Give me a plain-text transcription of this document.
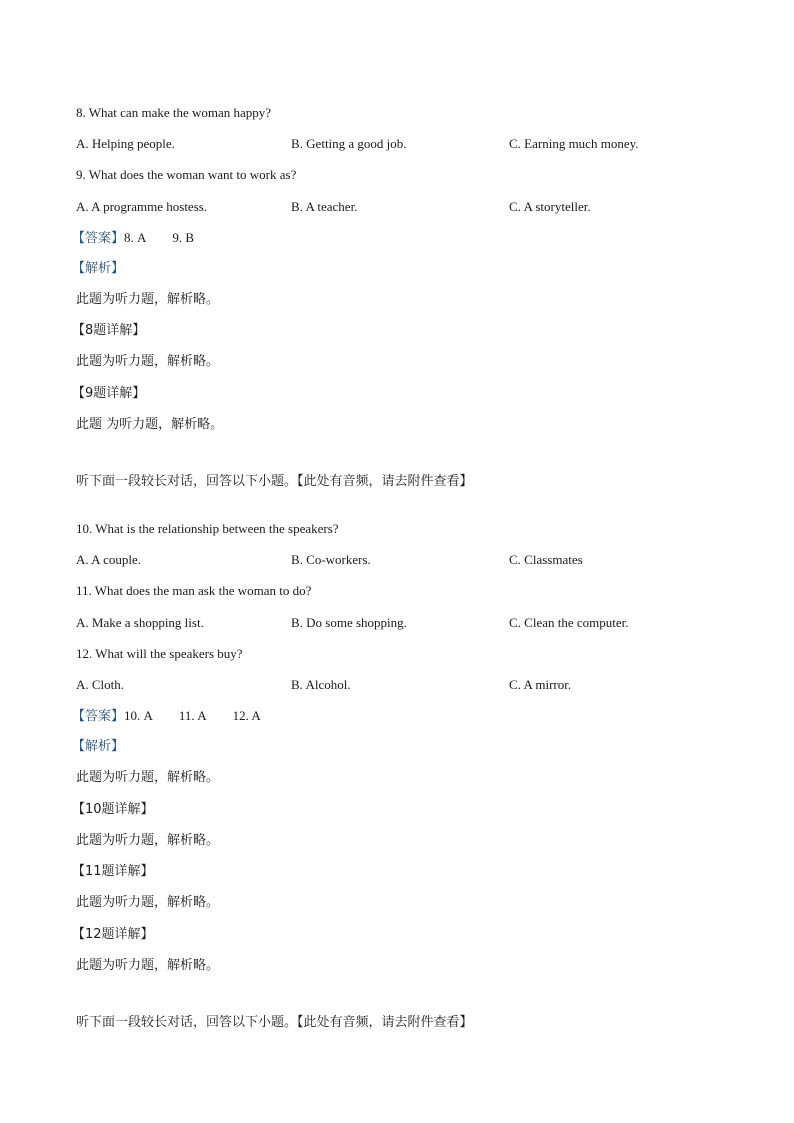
8. What can make the woman happy?
A. Helping people.	B. Getting a good job.	C. Earning much money.
9. What does the woman want to work as?
A. A programme hostess.	B. A teacher.	C. A storyteller.
【答案】8. A 9. B
【解析】
此题为听力题，解析略。
【8题详解】
此题为听力题，解析略。
【9题详解】
此题 为听力题，解析略。
听下面一段较长对话，回答以下小题。【此处有音频，请去附件查看】
10. What is the relationship between the speakers?
A. A couple.	B. Co-workers.	C. Classmates
11. What does the man ask the woman to do?
A. Make a shopping list.	B. Do some shopping.	C. Clean the computer.
12. What will the speakers buy?
A. Cloth.	B. Alcohol.	C. A mirror.
【答案】10. A 11. A 12. A
【解析】
此题为听力题，解析略。
【10题详解】
此题为听力题，解析略。
【11题详解】
此题为听力题，解析略。
【12题详解】
此题为听力题，解析略。
听下面一段较长对话，回答以下小题。【此处有音频，请去附件查看】
